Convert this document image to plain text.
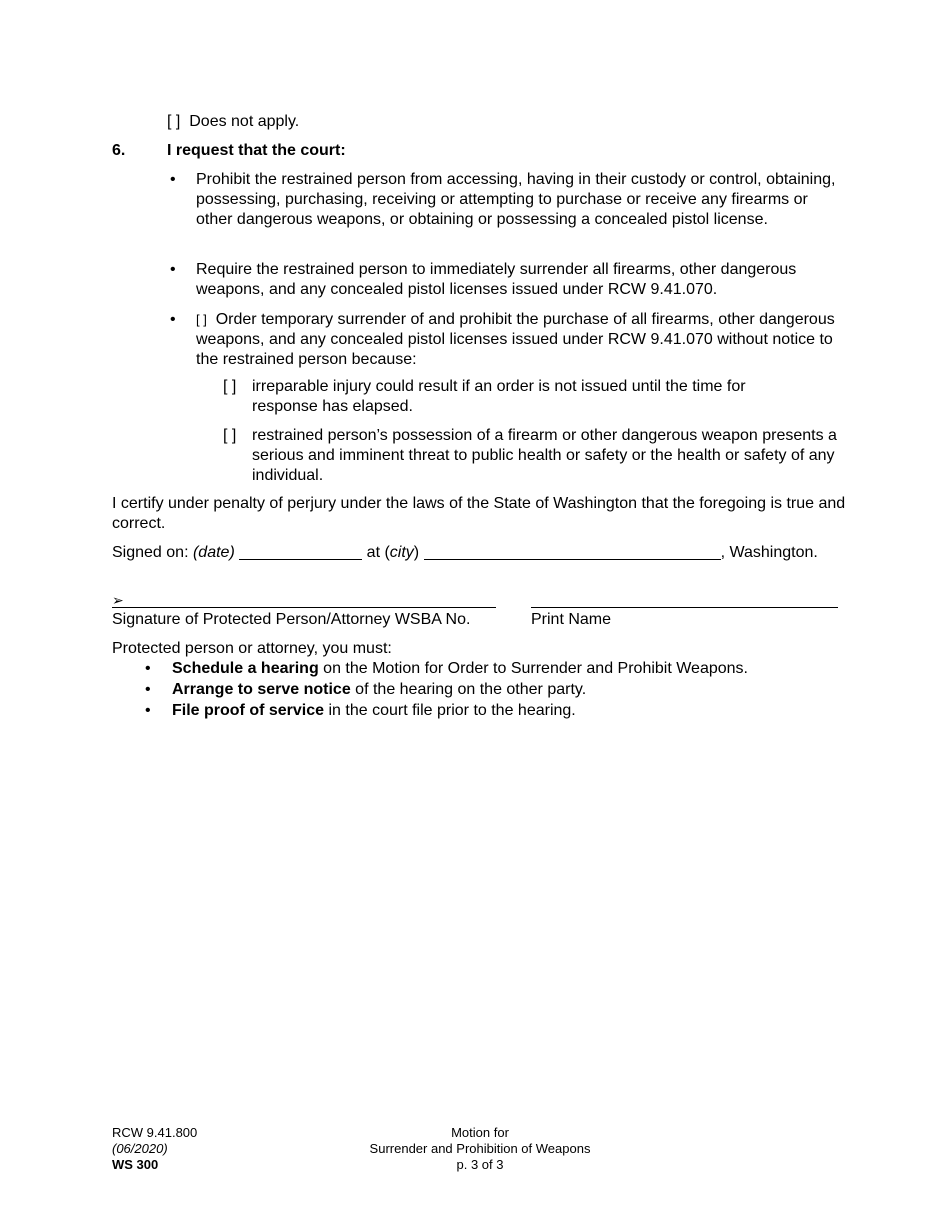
[ ] Does not apply.
6.	I request that the court:
• Prohibit the restrained person from accessing, having in their custody or control, obtaining, possessing, purchasing, receiving or attempting to purchase or receive any firearms or other dangerous weapons, or obtaining or possessing a concealed pistol license.
• Require the restrained person to immediately surrender all firearms, other dangerous weapons, and any concealed pistol licenses issued under RCW 9.41.070.
• [ ] Order temporary surrender of and prohibit the purchase of all firearms, other dangerous weapons, and any concealed pistol licenses issued under RCW 9.41.070 without notice to the restrained person because:
[ ] irreparable injury could result if an order is not issued until the time for response has elapsed.
[ ] restrained person’s possession of a firearm or other dangerous weapon presents a serious and imminent threat to public health or safety or the health or safety of any individual.
I certify under penalty of perjury under the laws of the State of Washington that the foregoing is true and correct.
Signed on: (date)	at (city)	, Washington.
➢
Signature of Protected Person/Attorney WSBA No.	Print Name
Protected person or attorney, you must:
• Schedule a hearing on the Motion for Order to Surrender and Prohibit Weapons.
• Arrange to serve notice of the hearing on the other party.
• File proof of service in the court file prior to the hearing.
RCW 9.41.800
(06/2020)
WS 300
Motion for
Surrender and Prohibition of Weapons
p. 3 of 3
